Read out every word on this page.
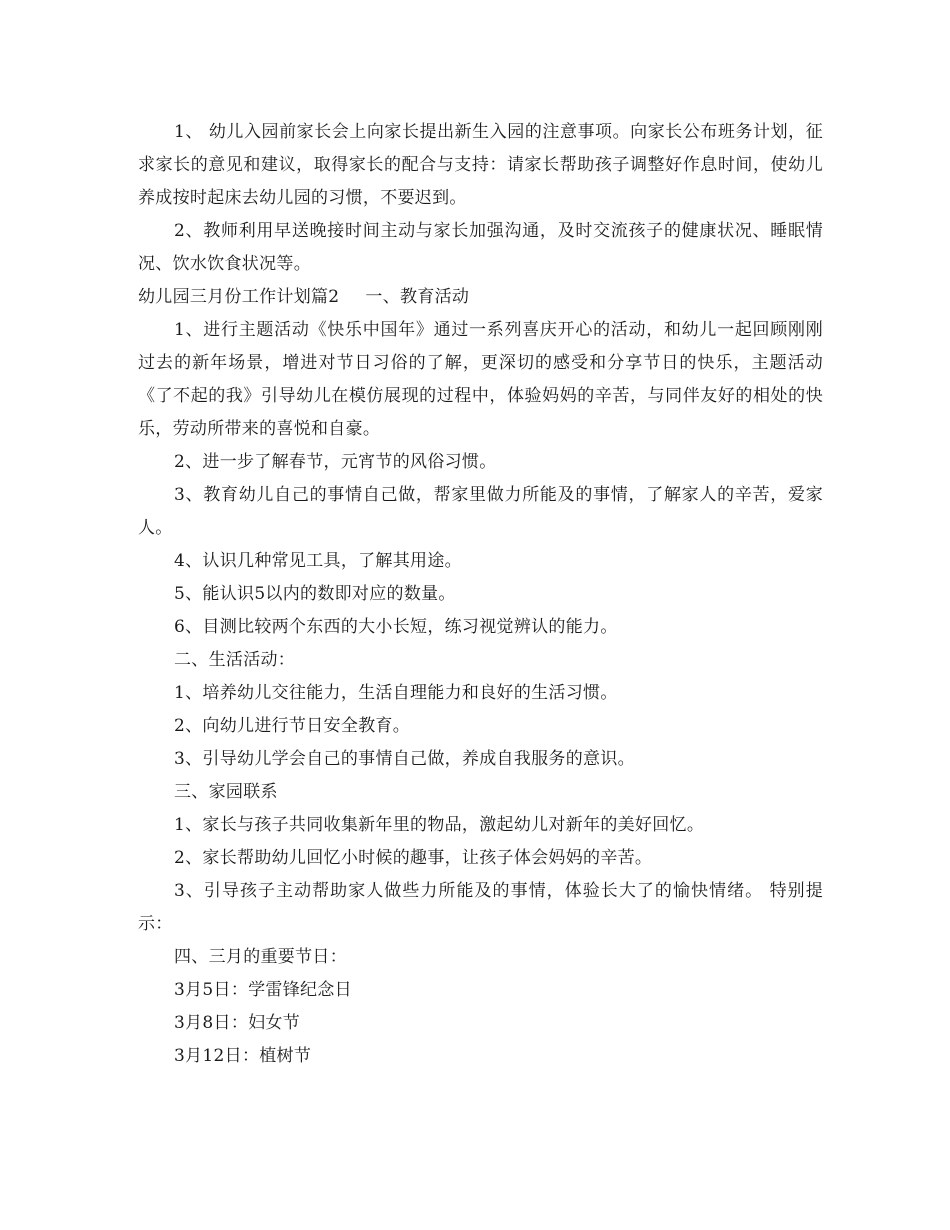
1、 幼儿入园前家长会上向家长提出新生入园的注意事项。向家长公布班务计划，征求家长的意见和建议，取得家长的配合与支持：请家长帮助孩子调整好作息时间，使幼儿养成按时起床去幼儿园的习惯，不要迟到。

2、教师利用早送晚接时间主动与家长加强沟通，及时交流孩子的健康状况、睡眠情况、饮水饮食状况等。

幼儿园三月份工作计划篇2 一、教育活动

1、进行主题活动《快乐中国年》通过一系列喜庆开心的活动，和幼儿一起回顾刚刚过去的新年场景，增进对节日习俗的了解，更深切的感受和分享节日的快乐，主题活动《了不起的我》引导幼儿在模仿展现的过程中，体验妈妈的辛苦，与同伴友好的相处的快乐，劳动所带来的喜悦和自豪。

2、进一步了解春节，元宵节的风俗习惯。

3、教育幼儿自己的事情自己做，帮家里做力所能及的事情，了解家人的辛苦，爱家人。

4、认识几种常见工具，了解其用途。

5、能认识5以内的数即对应的数量。

6、目测比较两个东西的大小长短，练习视觉辨认的能力。

二、生活活动：

1、培养幼儿交往能力，生活自理能力和良好的生活习惯。

2、向幼儿进行节日安全教育。

3、引导幼儿学会自己的事情自己做，养成自我服务的意识。

三、家园联系

1、家长与孩子共同收集新年里的物品，激起幼儿对新年的美好回忆。

2、家长帮助幼儿回忆小时候的趣事，让孩子体会妈妈的辛苦。

3、引导孩子主动帮助家人做些力所能及的事情，体验长大了的愉快情绪。 特别提示：

四、三月的重要节日：

3月5日：学雷锋纪念日

3月8日：妇女节

3月12日：植树节
